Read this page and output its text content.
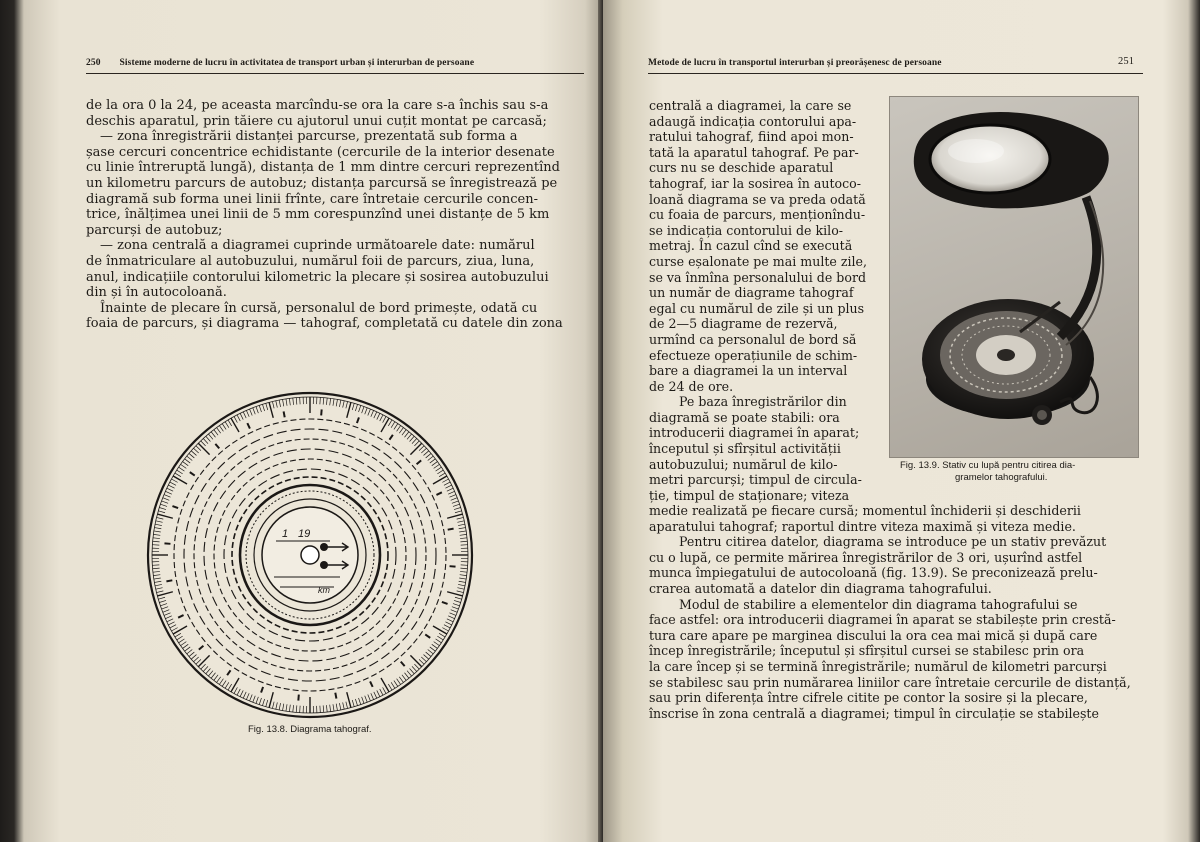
250 Sisteme moderne de lucru în activitatea de transport urban și interurban de persoane

de la ora 0 la 24, pe aceasta marcîndu-se ora la care s-a închis sau s-a

deschis aparatul, prin tăiere cu ajutorul unui cuțit montat pe carcasă;

— zona înregistrării distanței parcurse, prezentată sub forma a

șase cercuri concentrice echidistante (cercurile de la interior desenate

cu linie întreruptă lungă), distanța de 1 mm dintre cercuri reprezentînd

un kilometru parcurs de autobuz; distanța parcursă se înregistrează pe

diagramă sub forma unei linii frînte, care întretaie cercurile concen-

trice, înălțimea unei linii de 5 mm corespunzînd unei distanțe de 5 km

parcurși de autobuz;

— zona centrală a diagramei cuprinde următoarele date: numărul

de înmatriculare al autobuzului, numărul foii de parcurs, ziua, luna,

anul, indicațiile contorului kilometric la plecare și sosirea autobuzului

din și în autocoloană.

Înainte de plecare în cursă, personalul de bord primește, odată cu

foaia de parcurs, și diagrama — tahograf, completată cu datele din zona

1 19
km
Fig. 13.8. Diagrama tahograf.
Metode de lucru în transportul interurban și preorășenesc de persoane	251

centrală a diagramei, la care se

adaugă indicația contorului apa-

ratului tahograf, fiind apoi mon-

tată la aparatul tahograf. Pe par-

curs nu se deschide aparatul

tahograf, iar la sosirea în autoco-

loană diagrama se va preda odată

cu foaia de parcurs, menționîndu-

se indicația contorului de kilo-

metraj. În cazul cînd se execută

curse eșalonate pe mai multe zile,

se va înmîna personalului de bord

un număr de diagrame tahograf

egal cu numărul de zile și un plus

de 2—5 diagrame de rezervă,

urmînd ca personalul de bord să

efectueze operațiunile de schim-

bare a diagramei la un interval

de 24 de ore.

Pe baza înregistrărilor din

diagramă se poate stabili: ora

introducerii diagramei în aparat;

începutul și sfîrșitul activității

autobuzului; numărul de kilo-

metri parcurși; timpul de circula-

ție, timpul de staționare; viteza

Fig. 13.9. Stativ cu lupă pentru citirea dia-
gramelor tahografului.

medie realizată pe fiecare cursă; momentul închiderii și deschiderii

aparatului tahograf; raportul dintre viteza maximă și viteza medie.

Pentru citirea datelor, diagrama se introduce pe un stativ prevăzut

cu o lupă, ce permite mărirea înregistrărilor de 3 ori, ușurînd astfel

munca împiegatului de autocoloană (fig. 13.9). Se preconizează prelu-

crarea automată a datelor din diagrama tahografului.

Modul de stabilire a elementelor din diagrama tahografului se

face astfel: ora introducerii diagramei în aparat se stabilește prin crestă-

tura care apare pe marginea discului la ora cea mai mică și după care

încep înregistrările; începutul și sfîrșitul cursei se stabilesc prin ora

la care încep și se termină înregistrările; numărul de kilometri parcurși

se stabilesc sau prin numărarea liniilor care întretaie cercurile de distanță,

sau prin diferența între cifrele citite pe contor la sosire și la plecare,

înscrise în zona centrală a diagramei; timpul în circulație se stabilește
